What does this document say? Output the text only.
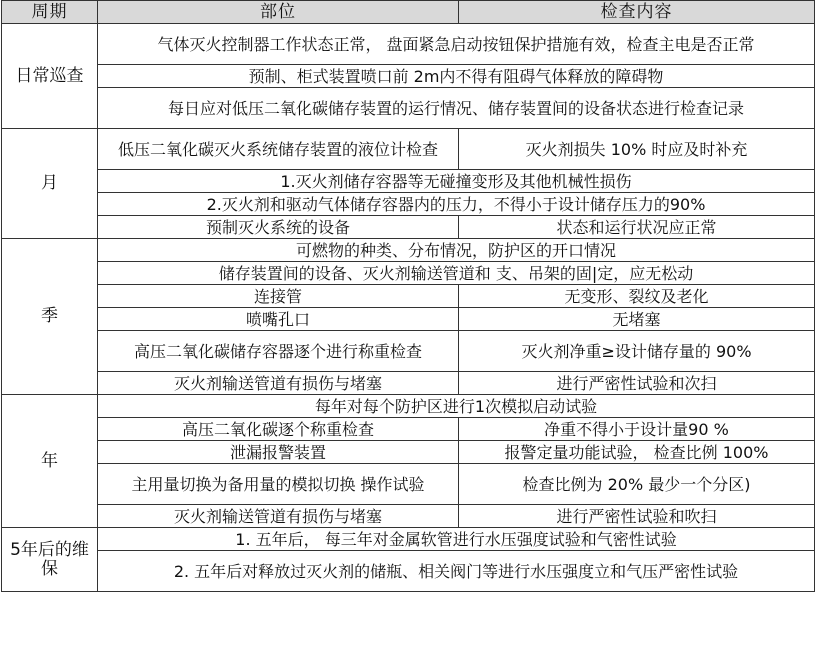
周期	部位	检查内容
日常巡查	气体灭火控制器工作状态正常， 盘面紧急启动按钮保护措施有效，检查主电是否正常	
	预制、柜式装置喷口前 2m内不得有阻碍气体释放的障碍物	
	每日应对低压二氧化碳储存装置的运行情况、储存装置间的设备状态进行检查记录	
月	低压二氧化碳灭火系统储存装置的液位计检查	灭火剂损失 10% 时应及时补充
	1.灭火剂储存容器等无碰撞变形及其他机械性损伤	
	2.灭火剂和驱动气体储存容器内的压力，不得小于设计储存压力的90%	
	预制灭火系统的设备	状态和运行状况应正常
季	可燃物的种类、分布情况，防护区的开口情况	
	储存装置间的设备、灭火剂输送管道和 支、吊架的固|定，应无松动	
	连接管	无变形、裂纹及老化
	喷嘴孔口	无堵塞
	高压二氧化碳储存容器逐个进行称重检查	灭火剂净重≥设计储存量的 90%
	灭火剂输送管道有损伤与堵塞	进行严密性试验和次扫
年	每年对每个防护区进行1次模拟启动试验	
	高压二氧化碳逐个称重检查	净重不得小于设计量90 %
	泄漏报警装置	报警定量功能试验， 检查比例 100%
	主用量切换为备用量的模拟切换 操作试验	检查比例为 20% 最少一个分区)
	灭火剂输送管道有损伤与堵塞	进行严密性试验和吹扫
5年后的维保	1. 五年后， 每三年对金属软管进行水压强度试验和气密性试验	
	2. 五年后对释放过灭火剂的储瓶、相关阀门等进行水压强度立和气压严密性试验	
